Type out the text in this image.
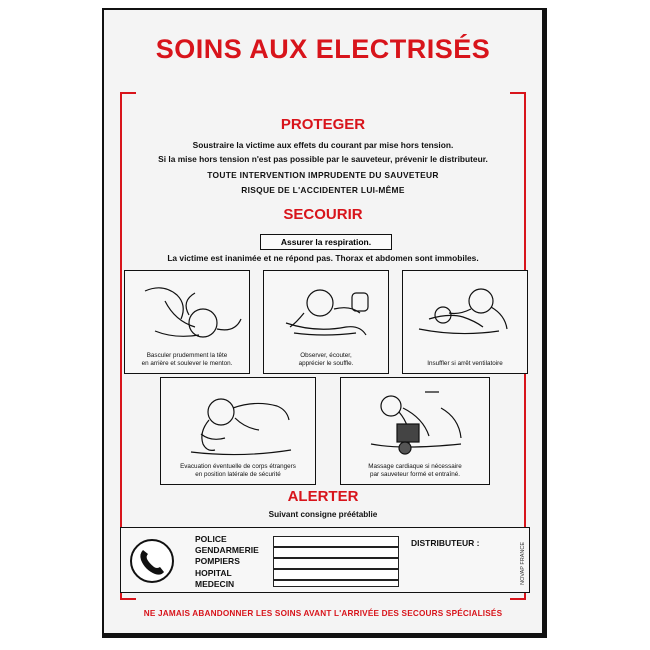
SOINS AUX ELECTRISÉS
PROTEGER
Soustraire la victime aux effets du courant par mise hors tension.
Si la mise hors tension n'est pas possible par le sauveteur, prévenir le distributeur.
TOUTE INTERVENTION IMPRUDENTE DU SAUVETEUR
RISQUE DE L'ACCIDENTER LUI-MÊME
SECOURIR
Assurer la respiration.
La victime est inanimée et ne répond pas. Thorax et abdomen sont immobiles.
Basculer prudemment la tête
en arrière et soulever le menton.
Observer, écouter,
apprécier le souffle.	Insuffler si arrêt ventilatoire
Evacuation éventuelle de corps étrangers
en position latérale de sécurité
Massage cardiaque si nécessaire
par sauveteur formé et entraîné.
ALERTER
Suivant consigne préétablie
POLICE
GENDARMERIE
POMPIERS
HOPITAL
MEDECIN
DISTRIBUTEUR :	NOVAP FRANCE
NE JAMAIS ABANDONNER LES SOINS AVANT L'ARRIVÉE DES SECOURS SPÉCIALISÉS
